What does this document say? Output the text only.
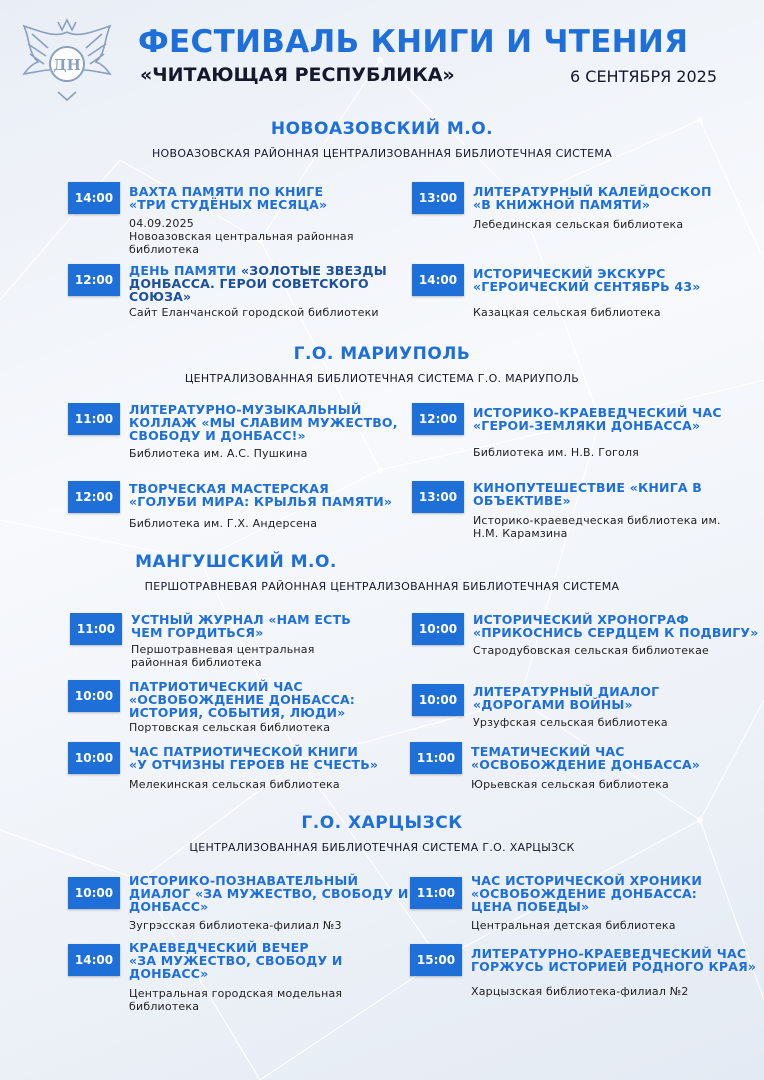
ДН
ФЕСТИВАЛЬ КНИГИ И ЧТЕНИЯ
«ЧИТАЮЩАЯ РЕСПУБЛИКА»	6 СЕНТЯБРЯ 2025
НОВОАЗОВСКИЙ М.О.
НОВОАЗОВСКАЯ РАЙОННАЯ ЦЕНТРАЛИЗОВАННАЯ БИБЛИОТЕЧНАЯ СИСТЕМА
14:00	ВАХТА ПАМЯТИ ПО КНИГЕ
«ТРИ СТУДЁНЫХ МЕСЯЦА»
04.09.2025
Новоазовская центральная районная библиотека
13:00	ЛИТЕРАТУРНЫЙ КАЛЕЙДОСКОП
«В КНИЖНОЙ ПАМЯТИ»
Лебединская сельская библиотека
12:00
ДЕНЬ ПАМЯТИ «ЗОЛОТЫЕ ЗВЕЗДЫ ДОНБАССА. ГЕРОИ СОВЕТСКОГО СОЮЗА»
Сайт Еланчанской городской библиотеки
14:00	ИСТОРИЧЕСКИЙ ЭКСКУРС
«ГЕРОИЧЕСКИЙ СЕНТЯБРЬ 43»
Казацкая сельская библиотека
Г.О. МАРИУПОЛЬ
ЦЕНТРАЛИЗОВАННАЯ БИБЛИОТЕЧНАЯ СИСТЕМА Г.О. МАРИУПОЛЬ
11:00
ЛИТЕРАТУРНО-МУЗЫКАЛЬНЫЙ КОЛЛАЖ «МЫ СЛАВИМ МУЖЕСТВО, СВОБОДУ И ДОНБАСС!»
Библиотека им. А.С. Пушкина
12:00	ИСТОРИКО-КРАЕВЕДЧЕСКИЙ ЧАС
«ГЕРОИ-ЗЕМЛЯКИ ДОНБАССА»
Библиотека им. Н.В. Гоголя
12:00
ТВОРЧЕСКАЯ МАСТЕРСКАЯ
«ГОЛУБИ МИРА: КРЫЛЬЯ ПАМЯТИ»
Библиотека им. Г.Х. Андерсена
13:00
КИНОПУТЕШЕСТВИЕ «КНИГА В ОБЪЕКТИВЕ»
Историко-краеведческая библиотека им. Н.М. Карамзина
МАНГУШСКИЙ М.О.
ПЕРШОТРАВНЕВАЯ РАЙОННАЯ ЦЕНТРАЛИЗОВАННАЯ БИБЛИОТЕЧНАЯ СИСТЕМА
11:00
УСТНЫЙ ЖУРНАЛ «НАМ ЕСТЬ ЧЕМ ГОРДИТЬСЯ»
Першотравневая центральная районная библиотека
10:00
ИСТОРИЧЕСКИЙ ХРОНОГРАФ
«ПРИКОСНИСЬ СЕРДЦЕМ К ПОДВИГУ»
Стародубовская сельская библиотекае
10:00
ПАТРИОТИЧЕСКИЙ ЧАС
«ОСВОБОЖДЕНИЕ ДОНБАССА: ИСТОРИЯ, СОБЫТИЯ, ЛЮДИ»
Портовская сельская библиотека
10:00
ЛИТЕРАТУРНЫЙ ДИАЛОГ
«ДОРОГАМИ ВОЙНЫ»
Урзуфская сельская библиотека
10:00	ЧАС ПАТРИОТИЧЕСКОЙ КНИГИ
«У ОТЧИЗНЫ ГЕРОЕВ НЕ СЧЕСТЬ»
Мелекинская сельская библиотека
11:00	ТЕМАТИЧЕСКИЙ ЧАС
«ОСВОБОЖДЕНИЕ ДОНБАССА»
Юрьевская сельская библиотека
Г.О. ХАРЦЫЗСК
ЦЕНТРАЛИЗОВАННАЯ БИБЛИОТЕЧНАЯ СИСТЕМА Г.О. ХАРЦЫЗСК
10:00
ИСТОРИКО-ПОЗНАВАТЕЛЬНЫЙ ДИАЛОГ «ЗА МУЖЕСТВО, СВОБОДУ И ДОНБАСС»
Зугрэсская библиотека-филиал №3
11:00
ЧАС ИСТОРИЧЕСКОЙ ХРОНИКИ
«ОСВОБОЖДЕНИЕ ДОНБАССА: ЦЕНА ПОБЕДЫ»
Центральная детская библиотека
14:00
КРАЕВЕДЧЕСКИЙ ВЕЧЕР
«ЗА МУЖЕСТВО, СВОБОДУ И ДОНБАСС»
Центральная городская модельная библиотека
15:00	ЛИТЕРАТУРНО-КРАЕВЕДЧЕСКИЙ ЧАС
ГОРЖУСЬ ИСТОРИЕЙ РОДНОГО КРАЯ»
Харцызская библиотека-филиал №2
